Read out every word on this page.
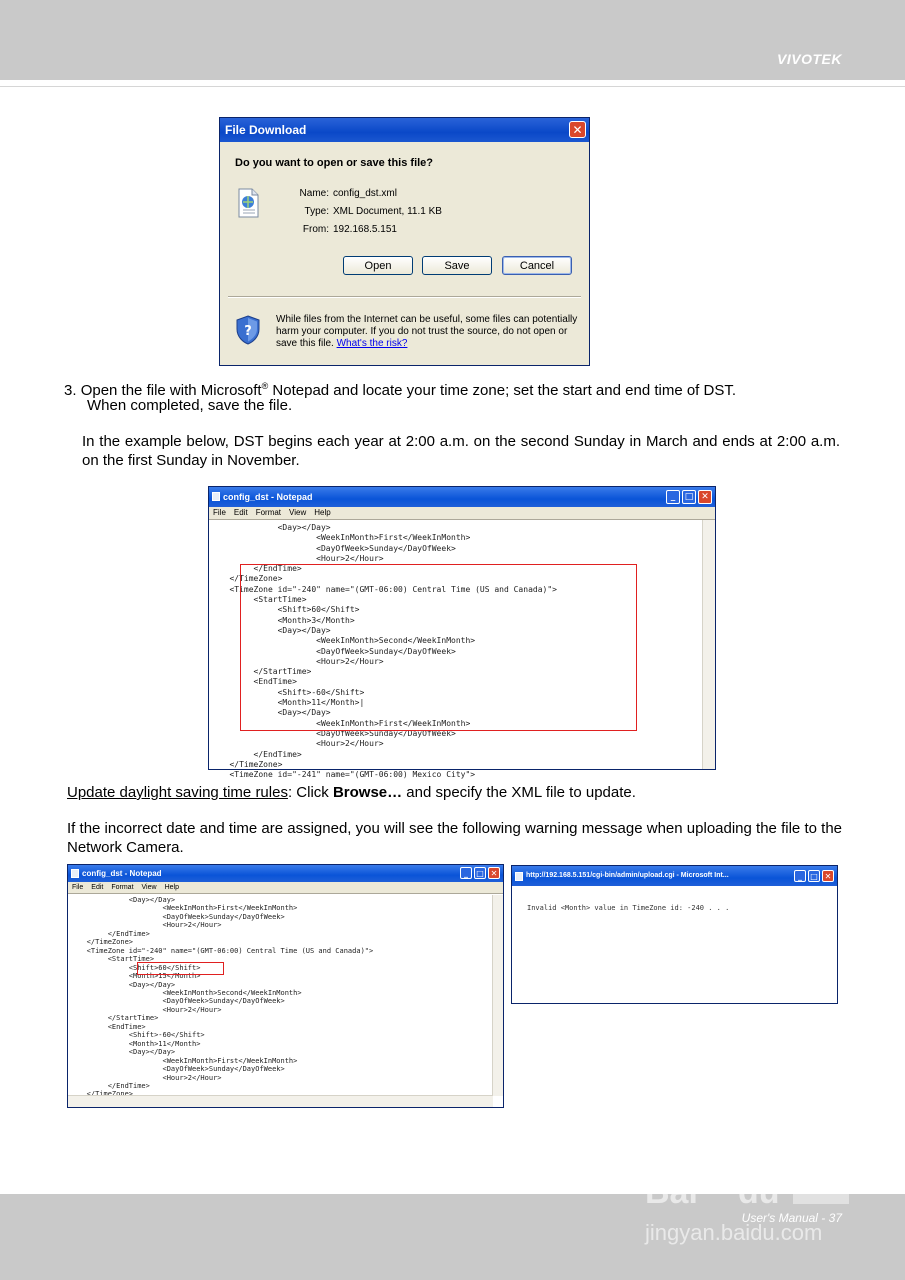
VIVOTEK
File Download	✕
Do you want to open or save this file?
Name: config_dst.xml
Type: XML Document, 11.1 KB
From: 192.168.5.151
Open	Save	Cancel
?
While files from the Internet can be useful, some files can potentially harm your computer. If you do not trust the source, do not open or save this file. What's the risk?
3. Open the file with Microsoft® Notepad and locate your time zone; set the start and end time of DST.
When completed, save the file.
In the example below, DST begins each year at 2:00 a.m. on the second Sunday in March and ends at 2:00 a.m. on the first Sunday in November.
config_dst - Notepad	_	□ ✕
File Edit Format View Help
<Day></Day>
<WeekInMonth>First</WeekInMonth>
<DayOfWeek>Sunday</DayOfWeek>
<Hour>2</Hour>
</EndTime>
</TimeZone>
<TimeZone id="-240" name="(GMT-06:00) Central Time (US and Canada)">
<StartTime>
<Shift>60</Shift>
<Month>3</Month>
<Day></Day>
<WeekInMonth>Second</WeekInMonth>
<DayOfWeek>Sunday</DayOfWeek>
<Hour>2</Hour>
</StartTime>
<EndTime>
<Shift>-60</Shift>
<Month>11</Month>|
<Day></Day>
<WeekInMonth>First</WeekInMonth>
<DayOfWeek>Sunday</DayOfWeek>
<Hour>2</Hour>
</EndTime>
</TimeZone>
<TimeZone id="-241" name="(GMT-06:00) Mexico City">
Update daylight saving time rules: Click Browse… and specify the XML file to update.
If the incorrect date and time are assigned, you will see the following warning message when uploading the file to the Network Camera.
config_dst - Notepad	_	□ ✕
File Edit Format View Help
<Day></Day>
<WeekInMonth>First</WeekInMonth>
<DayOfWeek>Sunday</DayOfWeek>
<Hour>2</Hour>
</EndTime>
</TimeZone>
<TimeZone id="-240" name="(GMT-06:00) Central Time (US and Canada)">
<StartTime>
<Shift>60</Shift>
<Month>15</Month>
<Day></Day>
<WeekInMonth>Second</WeekInMonth>
<DayOfWeek>Sunday</DayOfWeek>
<Hour>2</Hour>
</StartTime>
<EndTime>
<Shift>-60</Shift>
<Month>11</Month>
<Day></Day>
<WeekInMonth>First</WeekInMonth>
<DayOfWeek>Sunday</DayOfWeek>
<Hour>2</Hour>
</EndTime>

http://192.168.5.151/cgi-bin/admin/upload.cgi - Microsoft Int...	_	□ ✕
Invalid <Month> value in TimeZone id: -240 . . .
Bai du
jingyan.baidu.com
User's Manual - 37
